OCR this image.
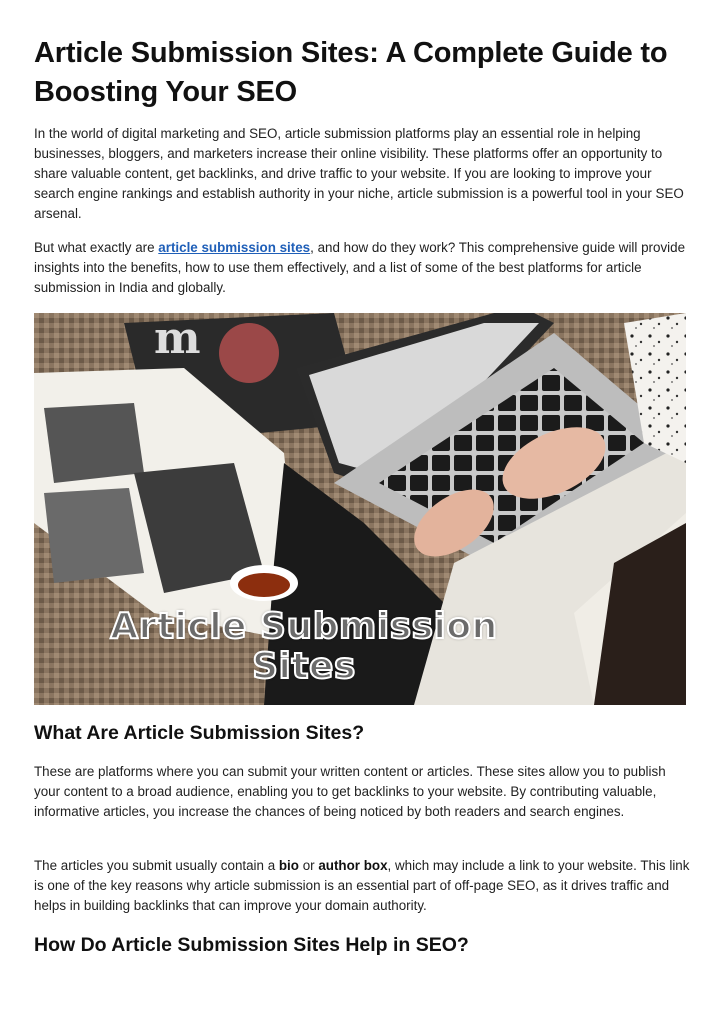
Article Submission Sites: A Complete Guide to Boosting Your SEO

In the world of digital marketing and SEO, article submission platforms play an essential role in helping businesses, bloggers, and marketers increase their online visibility. These platforms offer an opportunity to share valuable content, get backlinks, and drive traffic to your website. If you are looking to improve your search engine rankings and establish authority in your niche, article submission is a powerful tool in your SEO arsenal.

But what exactly are article submission sites, and how do they work? This comprehensive guide will provide insights into the benefits, how to use them effectively, and a list of some of the best platforms for article submission in India and globally.

m
Article Submission
Sites
What Are Article Submission Sites?

These are platforms where you can submit your written content or articles. These sites allow you to publish your content to a broad audience, enabling you to get backlinks to your website. By contributing valuable, informative articles, you increase the chances of being noticed by both readers and search engines.

The articles you submit usually contain a bio or author box, which may include a link to your website. This link is one of the key reasons why article submission is an essential part of off-page SEO, as it drives traffic and helps in building backlinks that can improve your domain authority.

How Do Article Submission Sites Help in SEO?
